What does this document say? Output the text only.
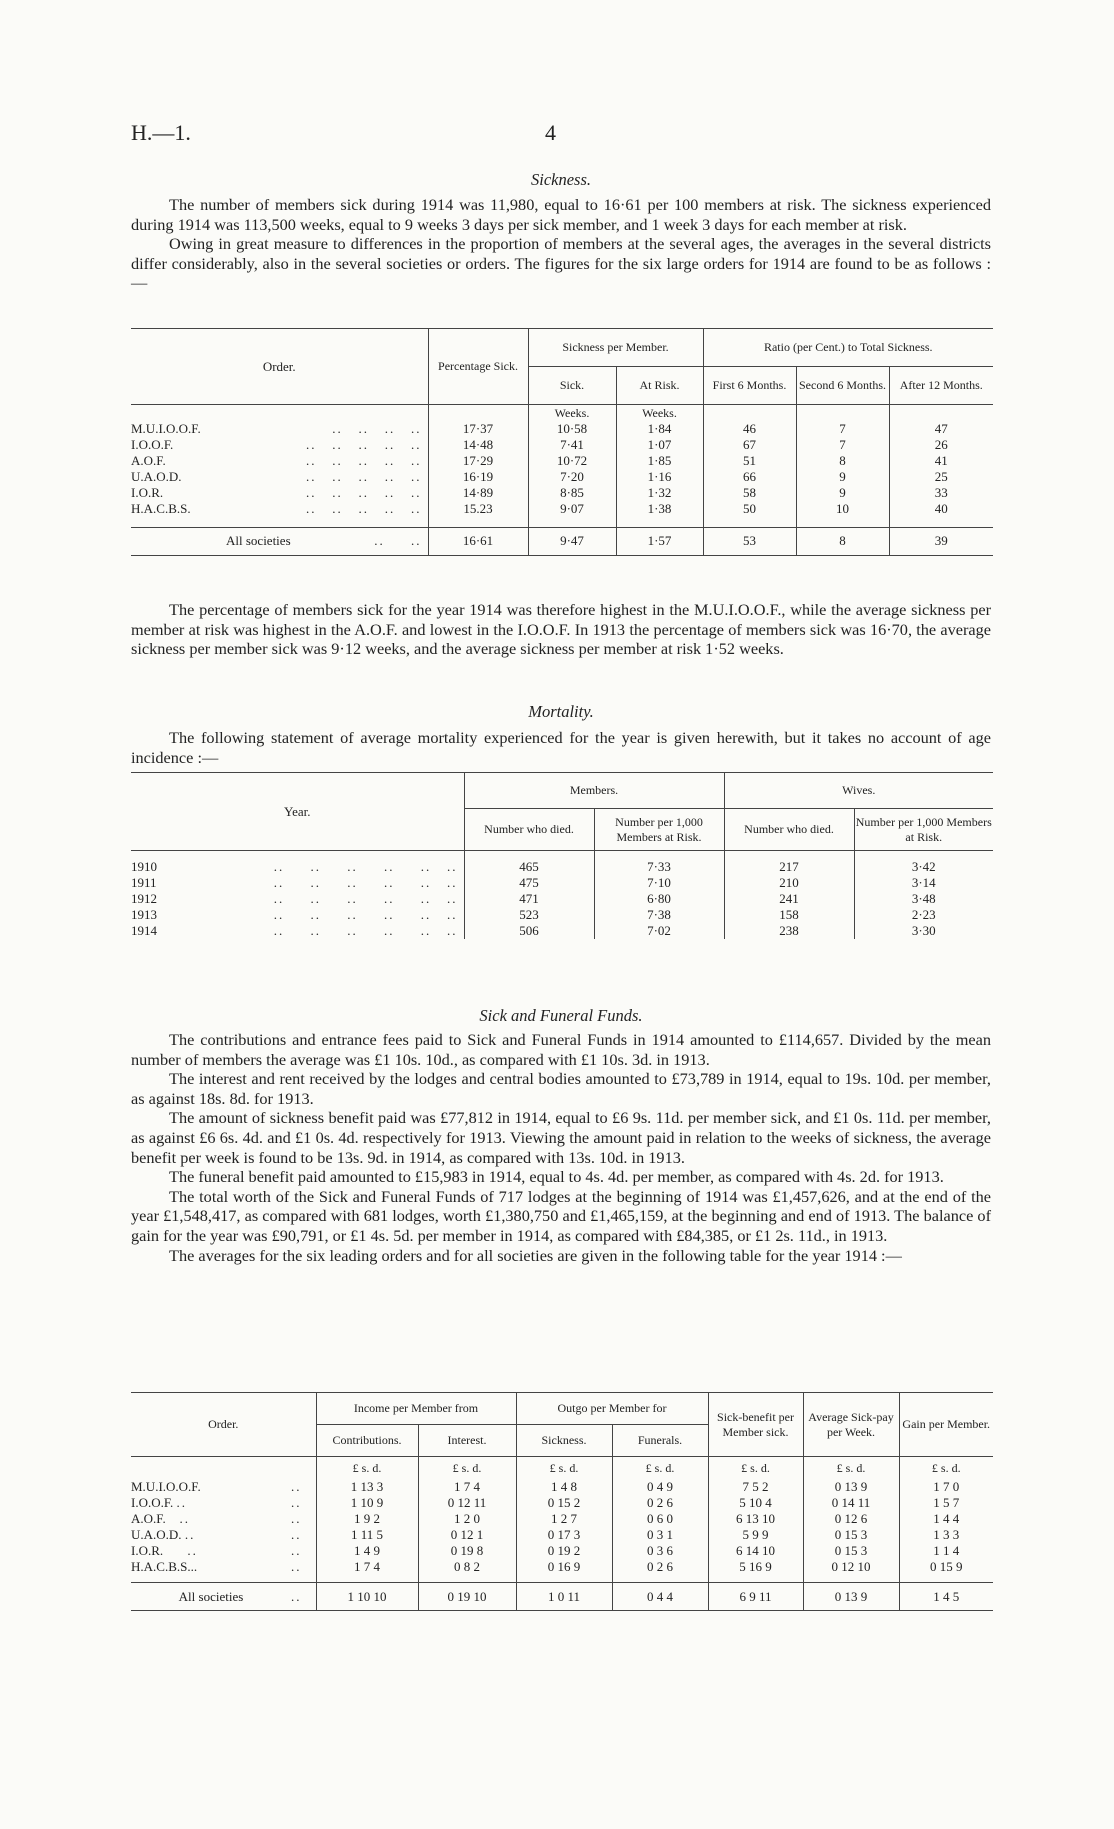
H.—1.	4
Sickness.

The number of members sick during 1914 was 11,980, equal to 16·61 per 100 members at risk. The sickness experienced during 1914 was 113,500 weeks, equal to 9 weeks 3 days per sick member, and 1 week 3 days for each member at risk.

Owing in great measure to differences in the proportion of members at the several ages, the averages in the several districts differ considerably, also in the several societies or orders. The figures for the six large orders for 1914 are found to be as follows :—

Order.	Percentage Sick.	Sickness per Member.		Ratio (per Cent.) to Total Sickness.		
		Sick.	At Risk.	First 6 Months.	Second 6 Months.	After 12 Months.
		Weeks.	Weeks.			
M.U.I.O.O.F. ..   ..   ..   ..	17·37	10·58	1·84	46	7	47
I.O.O.F. ..   ..   ..   ..   ..	14·48	7·41	1·07	67	7	26
A.O.F. ..   ..   ..   ..   ..	17·29	10·72	1·85	51	8	41
U.A.O.D. ..   ..   ..   ..   ..	16·19	7·20	1·16	66	9	25
I.O.R. ..   ..   ..   ..   ..	14·89	8·85	1·32	58	9	33
H.A.C.B.S. ..   ..   ..   ..   ..	15.23	9·07	1·38	50	10	40

All societies ..     ..	16·61	9·47	1·57	53	8	39

The percentage of members sick for the year 1914 was therefore highest in the M.U.I.O.O.F., while the average sickness per member at risk was highest in the A.O.F. and lowest in the I.O.O.F. In 1913 the percentage of members sick was 16·70, the average sickness per member sick was 9·12 weeks, and the average sickness per member at risk 1·52 weeks.

Mortality.

The following statement of average mortality experienced for the year is given herewith, but it takes no account of age incidence :—

Year.	Members.		Wives.	
	Number who died.	Number per 1,000 Members at Risk.	Number who died.	Number per 1,000 Members at Risk.

1910 ..     ..     ..     ..     ..   ..	465	7·33	217	3·42
1911 ..     ..     ..     ..     ..   ..	475	7·10	210	3·14
1912 ..     ..     ..     ..     ..   ..	471	6·80	241	3·48
1913 ..     ..     ..     ..     ..   ..	523	7·38	158	2·23
1914 ..     ..     ..     ..     ..   ..	506	7·02	238	3·30
Sick and Funeral Funds.

The contributions and entrance fees paid to Sick and Funeral Funds in 1914 amounted to £114,657. Divided by the mean number of members the average was £1 10s. 10d., as compared with £1 10s. 3d. in 1913.

The interest and rent received by the lodges and central bodies amounted to £73,789 in 1914, equal to 19s. 10d. per member, as against 18s. 8d. for 1913.

The amount of sickness benefit paid was £77,812 in 1914, equal to £6 9s. 11d. per member sick, and £1 0s. 11d. per member, as against £6 6s. 4d. and £1 0s. 4d. respectively for 1913. Viewing the amount paid in relation to the weeks of sickness, the average benefit per week is found to be 13s. 9d. in 1914, as compared with 13s. 10d. in 1913.

The funeral benefit paid amounted to £15,983 in 1914, equal to 4s. 4d. per member, as compared with 4s. 2d. for 1913.

The total worth of the Sick and Funeral Funds of 717 lodges at the beginning of 1914 was £1,457,626, and at the end of the year £1,548,417, as compared with 681 lodges, worth £1,380,750 and £1,465,159, at the beginning and end of 1913. The balance of gain for the year was £90,791, or £1 4s. 5d. per member in 1914, as compared with £84,385, or £1 2s. 11d., in 1913.

The averages for the six leading orders and for all societies are given in the following table for the year 1914 :—

Order.		Income per Member from		Outgo per Member for		Sick-benefit per Member sick.	Average Sick-pay per Week.	Gain per Member.
		Contributions.	Interest.	Sickness.	Funerals.			
		£ s. d.	£ s. d.	£ s. d.	£ s. d.	£ s. d.	£ s. d.	£ s. d.
M.U.I.O.O.F.	..	1 13 3	1 7 4	1 4 8	0 4 9	7 5 2	0 13 9	1 7 0
I.O.O.F. ..	..	1 10 9	0 12 11	0 15 2	0 2 6	5 10 4	0 14 11	1 5 7
A.O.F.   ..	..	1 9 2	1 2 0	1 2 7	0 6 0	6 13 10	0 12 6	1 4 4
U.A.O.D. ..	..	1 11 5	0 12 1	0 17 3	0 3 1	5 9 9	0 15 3	1 3 3
I.O.R.     ..	..	1 4 9	0 19 8	0 19 2	0 3 6	6 14 10	0 15 3	1 1 4
H.A.C.B.S...	..	1 7 4	0 8 2	0 16 9	0 2 6	5 16 9	0 12 10	0 15 9

All societies	..	1 10 10	0 19 10	1 0 11	0 4 4	6 9 11	0 13 9	1 4 5
